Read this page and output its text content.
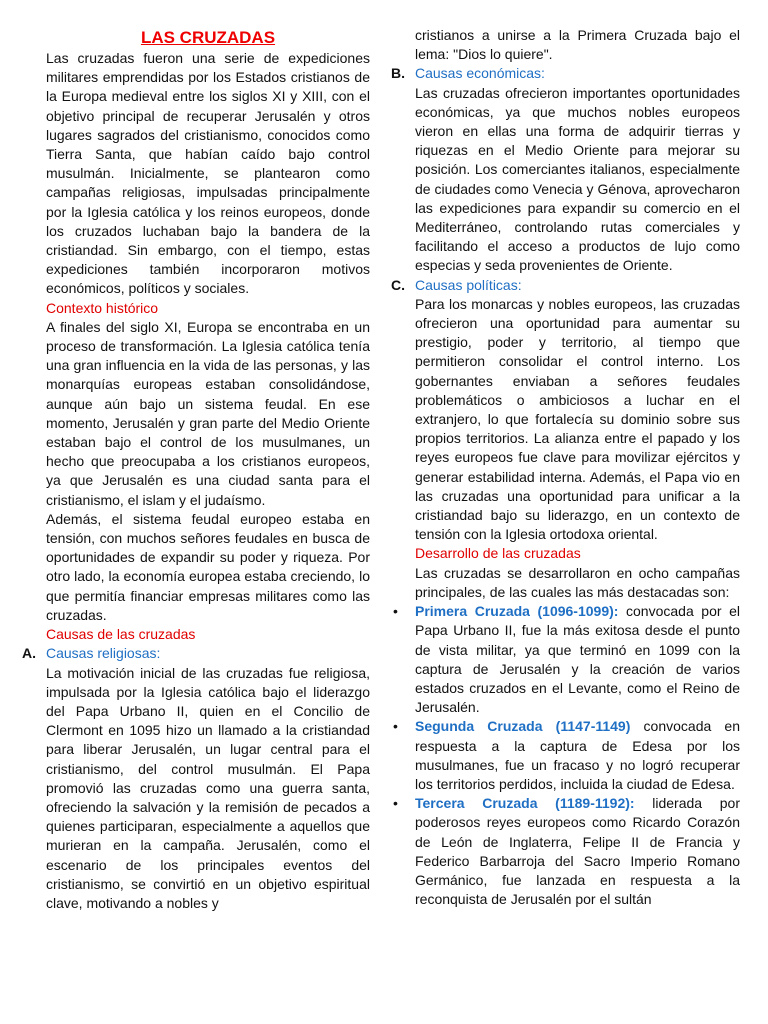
LAS CRUZADAS

Las cruzadas fueron una serie de expediciones militares emprendidas por los Estados cristianos de la Europa medieval entre los siglos XI y XIII, con el objetivo principal de recuperar Jerusalén y otros lugares sagrados del cristianismo, conocidos como Tierra Santa, que habían caído bajo control musulmán. Inicialmente, se plantearon como campañas religiosas, impulsadas principalmente por la Iglesia católica y los reinos europeos, donde los cruzados luchaban bajo la bandera de la cristiandad. Sin embargo, con el tiempo, estas expediciones también incorporaron motivos económicos, políticos y sociales.

Contexto histórico

A finales del siglo XI, Europa se encontraba en un proceso de transformación. La Iglesia católica tenía una gran influencia en la vida de las personas, y las monarquías europeas estaban consolidándose, aunque aún bajo un sistema feudal. En ese momento, Jerusalén y gran parte del Medio Oriente estaban bajo el control de los musulmanes, un hecho que preocupaba a los cristianos europeos, ya que Jerusalén es una ciudad santa para el cristianismo, el islam y el judaísmo.

Además, el sistema feudal europeo estaba en tensión, con muchos señores feudales en busca de oportunidades de expandir su poder y riqueza. Por otro lado, la economía europea estaba creciendo, lo que permitía financiar empresas militares como las cruzadas.

Causas de las cruzadas
A. Causas religiosas:

La motivación inicial de las cruzadas fue religiosa, impulsada por la Iglesia católica bajo el liderazgo del Papa Urbano II, quien en el Concilio de Clermont en 1095 hizo un llamado a la cristiandad para liberar Jerusalén, un lugar central para el cristianismo, del control musulmán. El Papa promovió las cruzadas como una guerra santa, ofreciendo la salvación y la remisión de pecados a quienes participaran, especialmente a aquellos que murieran en la campaña. Jerusalén, como el escenario de los principales eventos del cristianismo, se convirtió en un objetivo espiritual clave, motivando a nobles y

cristianos a unirse a la Primera Cruzada bajo el lema: "Dios lo quiere".

B. Causas económicas:

Las cruzadas ofrecieron importantes oportunidades económicas, ya que muchos nobles europeos vieron en ellas una forma de adquirir tierras y riquezas en el Medio Oriente para mejorar su posición. Los comerciantes italianos, especialmente de ciudades como Venecia y Génova, aprovecharon las expediciones para expandir su comercio en el Mediterráneo, controlando rutas comerciales y facilitando el acceso a productos de lujo como especias y seda provenientes de Oriente.

C. Causas políticas:

Para los monarcas y nobles europeos, las cruzadas ofrecieron una oportunidad para aumentar su prestigio, poder y territorio, al tiempo que permitieron consolidar el control interno. Los gobernantes enviaban a señores feudales problemáticos o ambiciosos a luchar en el extranjero, lo que fortalecía su dominio sobre sus propios territorios. La alianza entre el papado y los reyes europeos fue clave para movilizar ejércitos y generar estabilidad interna. Además, el Papa vio en las cruzadas una oportunidad para unificar a la cristiandad bajo su liderazgo, en un contexto de tensión con la Iglesia ortodoxa oriental.

Desarrollo de las cruzadas

Las cruzadas se desarrollaron en ocho campañas principales, de las cuales las más destacadas son:

• Primera Cruzada (1096-1099): convocada por el Papa Urbano II, fue la más exitosa desde el punto de vista militar, ya que terminó en 1099 con la captura de Jerusalén y la creación de varios estados cruzados en el Levante, como el Reino de Jerusalén.

• Segunda Cruzada (1147-1149) convocada en respuesta a la captura de Edesa por los musulmanes, fue un fracaso y no logró recuperar los territorios perdidos, incluida la ciudad de Edesa.

• Tercera Cruzada (1189-1192): liderada por poderosos reyes europeos como Ricardo Corazón de León de Inglaterra, Felipe II de Francia y Federico Barbarroja del Sacro Imperio Romano Germánico, fue lanzada en respuesta a la reconquista de Jerusalén por el sultán
